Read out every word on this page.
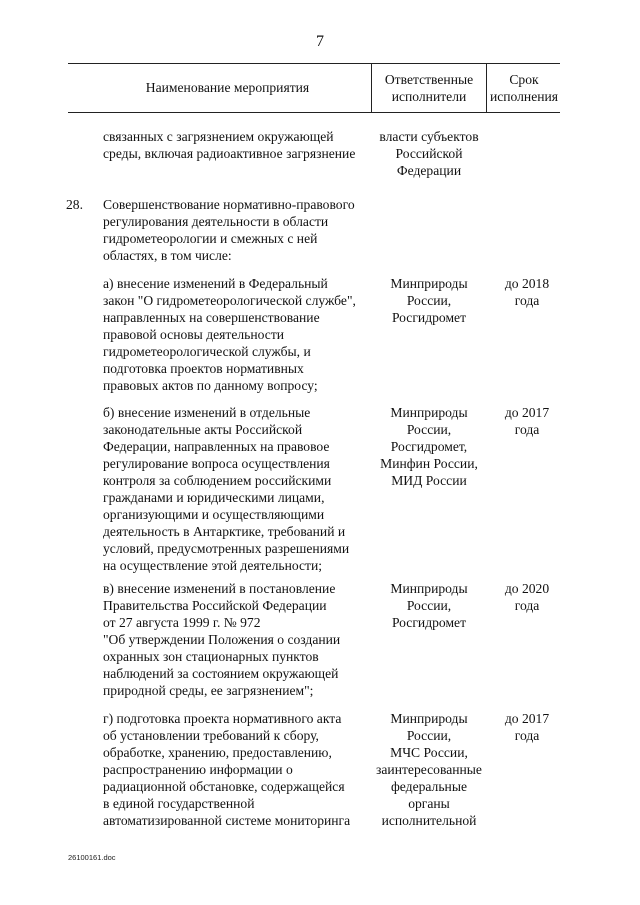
7
Наименование мероприятия
Ответственные
исполнители
Срок
исполнения
связанных с загрязнением окружающей
среды, включая радиоактивное загрязнение
власти субъектов
Российской
Федерации
28.	Совершенствование нормативно-правового
регулирования деятельности в области
гидрометеорологии и смежных с ней
областях, в том числе:
а) внесение изменений в Федеральный
закон "О гидрометеорологической службе",
направленных на совершенствование
правовой основы деятельности
гидрометеорологической службы, и
подготовка проектов нормативных
правовых актов по данному вопросу;
Минприроды
России,
Росгидромет
до 2018
года
б) внесение изменений в отдельные
законодательные акты Российской
Федерации, направленных на правовое
регулирование вопроса осуществления
контроля за соблюдением российскими
гражданами и юридическими лицами,
организующими и осуществляющими
деятельность в Антарктике, требований и
условий, предусмотренных разрешениями
на осуществление этой деятельности;
Минприроды
России,
Росгидромет,
Минфин России,
МИД России
до 2017
года
в) внесение изменений в постановление
Правительства Российской Федерации
от 27 августа 1999 г. № 972
"Об утверждении Положения о создании
охранных зон стационарных пунктов
наблюдений за состоянием окружающей
природной среды, ее загрязнением";
Минприроды
России,
Росгидромет
до 2020
года
г) подготовка проекта нормативного акта
об установлении требований к сбору,
обработке, хранению, предоставлению,
распространению информации о
радиационной обстановке, содержащейся
в единой государственной
автоматизированной системе мониторинга
Минприроды
России,
МЧС России,
заинтересованные
федеральные
органы
исполнительной
до 2017
года
26100161.doc
